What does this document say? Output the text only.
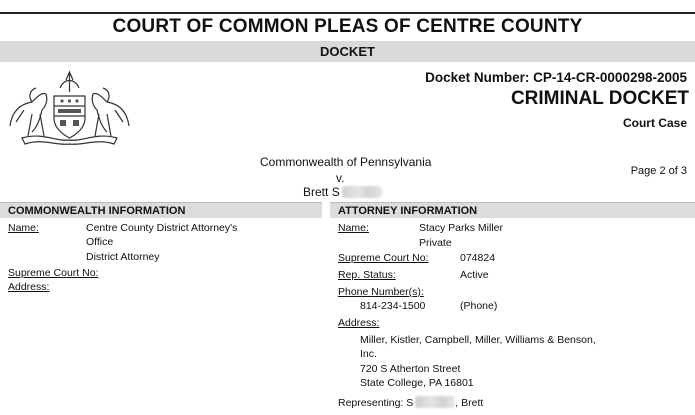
COURT OF COMMON PLEAS OF CENTRE COUNTY
DOCKET
Docket Number: CP-14-CR-0000298-2005
CRIMINAL DOCKET
Court Case
Commonwealth of Pennsylvania
v.
Brett S
Page 2 of 3
COMMONWEALTH INFORMATION	ATTORNEY INFORMATION
Name:	Centre County District Attorney's
Office
District Attorney
Supreme Court No:
Address:
Name:	Stacy Parks Miller
Private
Supreme Court No:	074824
Rep. Status:	Active
Phone Number(s):
814-234-1500	(Phone)
Address:
Miller, Kistler, Campbell, Miller, Williams & Benson,
Inc.
720 S Atherton Street
State College, PA 16801
Representing: S	, Brett
